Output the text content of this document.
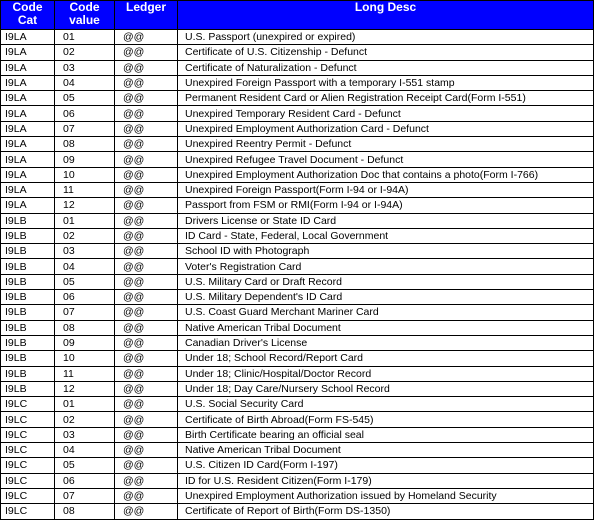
Code Cat	Code value	Ledger	Long Desc
I9LA	01	@@	U.S. Passport (unexpired or expired)
I9LA	02	@@	Certificate of U.S. Citizenship - Defunct
I9LA	03	@@	Certificate of Naturalization - Defunct
I9LA	04	@@	Unexpired Foreign Passport with a temporary I-551 stamp
I9LA	05	@@	Permanent Resident Card or Alien Registration Receipt Card(Form I-551)
I9LA	06	@@	Unexpired Temporary Resident Card - Defunct
I9LA	07	@@	Unexpired Employment Authorization Card - Defunct
I9LA	08	@@	Unexpired Reentry Permit - Defunct
I9LA	09	@@	Unexpired Refugee Travel Document - Defunct
I9LA	10	@@	Unexpired Employment Authorization Doc that contains a photo(Form I-766)
I9LA	11	@@	Unexpired Foreign Passport(Form I-94 or I-94A)
I9LA	12	@@	Passport from FSM or RMI(Form I-94 or I-94A)
I9LB	01	@@	Drivers License or State ID Card
I9LB	02	@@	ID Card - State, Federal, Local Government
I9LB	03	@@	School ID with Photograph
I9LB	04	@@	Voter's Registration Card
I9LB	05	@@	U.S. Military Card or Draft Record
I9LB	06	@@	U.S. Military Dependent's ID Card
I9LB	07	@@	U.S. Coast Guard Merchant Mariner Card
I9LB	08	@@	Native American Tribal Document
I9LB	09	@@	Canadian Driver's License
I9LB	10	@@	Under 18; School Record/Report Card
I9LB	11	@@	Under 18; Clinic/Hospital/Doctor Record
I9LB	12	@@	Under 18; Day Care/Nursery School Record
I9LC	01	@@	U.S. Social Security Card
I9LC	02	@@	Certificate of Birth Abroad(Form FS-545)
I9LC	03	@@	Birth Certificate bearing an official seal
I9LC	04	@@	Native American Tribal Document
I9LC	05	@@	U.S. Citizen ID Card(Form I-197)
I9LC	06	@@	ID for U.S. Resident Citizen(Form I-179)
I9LC	07	@@	Unexpired Employment Authorization issued by Homeland Security
I9LC	08	@@	Certificate of Report of Birth(Form DS-1350)
